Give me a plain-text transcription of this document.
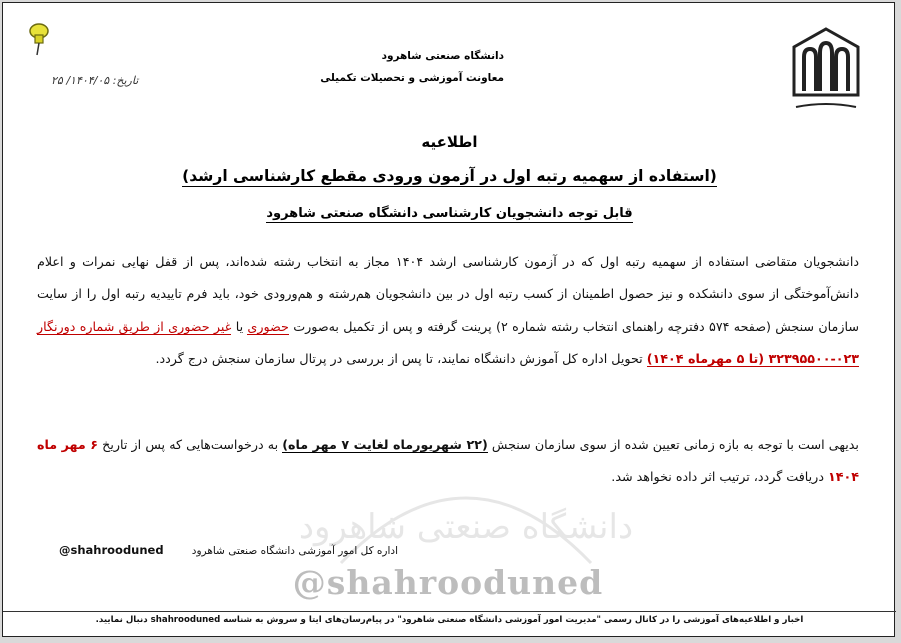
دانشگاه صنعتی شاهرود
@shahrooduned
دانشگاه صنعتی شاهرود
معاونت آموزشی و تحصیلات تکمیلی
تاریخ: ۱۴۰۴/۰۵/ ۲۵
اطلاعیه
(استفاده از سهمیه رتبه اول در آزمون ورودی مقطع کارشناسی ارشد)
قابل توجه دانشجویان کارشناسی دانشگاه صنعتی شاهرود
دانشجویان متقاضی استفاده از سهمیه رتبه اول که در آزمون کارشناسی ارشد ۱۴۰۴ مجاز به انتخاب رشته شده‌اند، پس از قفل نهایی نمرات و اعلام دانش‌آموختگی از سوی دانشکده و نیز حصول اطمینان از کسب رتبه اول در بین دانشجویان هم‌رشته و هم‌ورودی خود، باید فرم تاییدیه رتبه اول را از سایت سازمان سنجش (صفحه ۵۷۴ دفترچه راهنمای انتخاب رشته شماره ۲) پرینت گرفته و پس از تکمیل به‌صورت حضوری یا غیر حضوری از طریق شماره دورنگار ۰۲۳-۳۲۳۹۵۵۰۰ (تا ۵ مهرماه ۱۴۰۴) تحویل اداره کل آموزش دانشگاه نمایند، تا پس از بررسی در پرتال سازمان سنجش درج گردد.
بدیهی است با توجه به بازه زمانی تعیین شده از سوی سازمان سنجش (۲۲ شهریورماه لغایت ۷ مهر ماه) به درخواست‌هایی که پس از تاریخ ۶ مهر ماه ۱۴۰۴ دریافت گردد، ترتیب اثر داده نخواهد شد.
اداره کل امور آموزشی دانشگاه صنعتی شاهرود
@shahrooduned
اخبار و اطلاعیه‌های آموزشی را در کانال رسمی "مدیریت امور آموزشی دانشگاه صنعتی شاهرود" در پیام‌رسان‌های ایتا و سروش به شناسه shahrooduned دنبال نمایید.
